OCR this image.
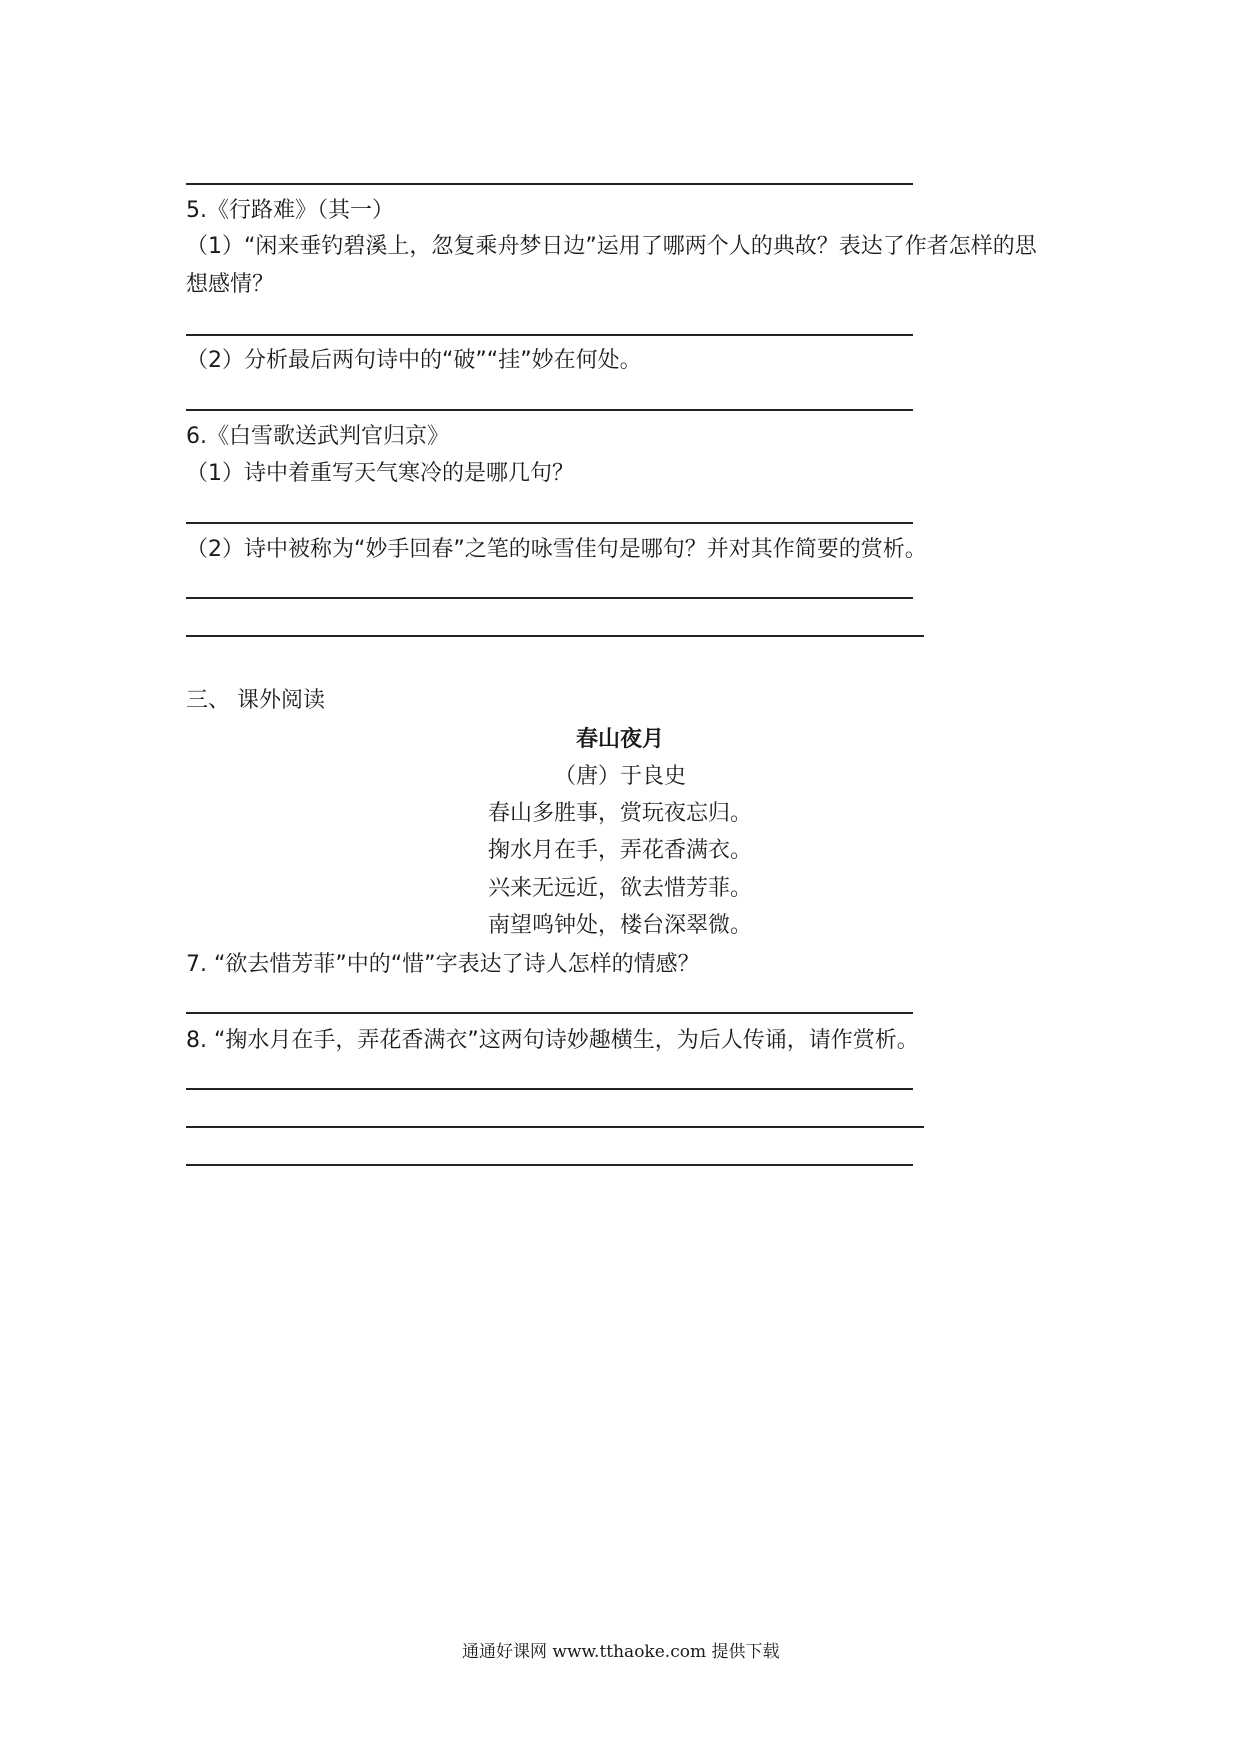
5.《行路难》（其一）
（1）“闲来垂钓碧溪上，忽复乘舟梦日边”运用了哪两个人的典故？表达了作者怎样的思
想感情？
（2）分析最后两句诗中的“破”“挂”妙在何处。
6.《白雪歌送武判官归京》
（1）诗中着重写天气寒冷的是哪几句？
（2）诗中被称为“妙手回春”之笔的咏雪佳句是哪句？并对其作简要的赏析。
三、 课外阅读
春山夜月
（唐）于良史
春山多胜事，赏玩夜忘归。
掬水月在手，弄花香满衣。
兴来无远近，欲去惜芳菲。
南望鸣钟处，楼台深翠微。
7. “欲去惜芳菲”中的“惜”字表达了诗人怎样的情感？
8. “掬水月在手，弄花香满衣”这两句诗妙趣横生，为后人传诵，请作赏析。
通通好课网 www.tthaoke.com 提供下载
